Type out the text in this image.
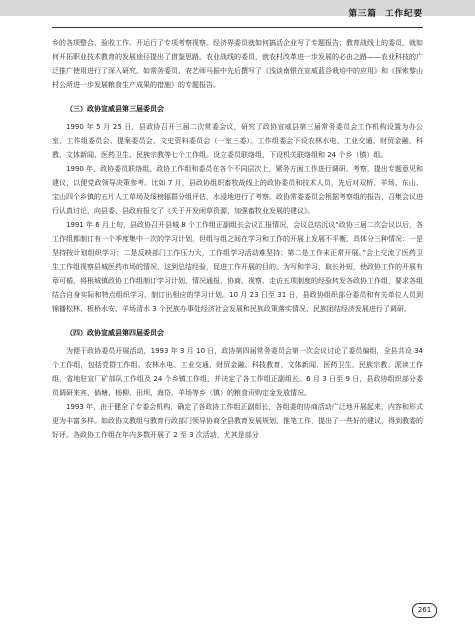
第三篇 工作纪要

乡的各项整合、验收工作。开运行了专项考察视察。经济界委员就如何搞活企业写了专题报告；教育战线上的委员，就如何开拓职业技术教育的发展途径提出了借鉴思路。农业战线的委员，就农村改革进一步发展的必由之路——农业科技的广泛推广使用进行了深入研究。如常务委员、农艺师马振中先后撰写了《浅谈南银在宣威蓝谷栽培中的应用》和《探索黎山村公所进一步发展粮食生产成果的措施》的专题报告。

（三）政协宣威县第三届委员会

1990 年 5 月 25 日，县政协召开三届二次常委会议，研究了政协宣威县第三届常务委员会工作机构设置为办公室、工作组委员会、提案委员会、文史资料委员会（一室三委）。工作组委会下设农林水电、工业交通、财贸金融、科教、文体新闻、医药卫生、民族宗教等七个工作组。设立委员联络组，下设机关联络组和 24 个乡（镇）组。

1990 年，政协委员联络组、政协工作组和委员在各个不同层次上，紧务方面工作进行调研、考察，提出专题意见和建议，以便党政领导决策参考。比如 7 月，县政协组织畜牧战线上的政协委员和技术人员，先后对双桥、羊场、东山、宝山四个乡镇的五片人工草场及绥榜辐群分组评估，水浸地进行了考察。政协常委委员会根据考察组的报告，召集会议进行认真讨论，向县委、县政府报交了《关于开发闲草资源，加强畜牧业发展的建议》。

1991 年 6 月上旬，县政协召开县城 8 个工作组正副组长会议汇报情况，会议总结沉议“政协三届二次会议以后，各工作组都制订有一个季度集中一次的学习计划，但组与组之间在学习和工作的开展上发展不平衡，具体分三种情况：一是坚持按计划组织学习；二是反映部门工作压力大，工作组学习活动难坚持；第二是工作未正常开展。”会上交流了医药卫生工作组视察县城医药市场的情况，这到总结经验，促进工作开展的目的。为写和学习，取长补短，使政协工作的开展有章可循，将根城镇政协工作组制订学习计划，情况通报、协商、视察、走访五项制度的经验转发各政协工作组，要求各组结合自身实际和特点组织学习，制订出相应的学习计划。10 月 23 日至 31 日，县政协组织部分委员和有关单位人员到锦播松林、板桥水安、羊场清水 3 个民族办事处经济社会发展和民族政策落实情况、民族团结经济发展进行了调研。

（四）政协宣威县第四届委员会

为便于政协委员开展活动，1993 年 3 月 10 日，政协第四届常务委员会第一次会议讨论了委员编组，全县共设 34 个工作组，包括党群工作组、农林水电、工业交通、财贸金融、科技教育、文体新闻、医药卫生、民族宗教、派读工作组，省地驻宣厂矿部队工作组及 24 个乡镇工作组，并决定了各工作组正副组长。6 月 3 日至 9 日，县政协组织部分委员调研来宾、倘塘、杨柳、田坝、海岱、羊场等乡（镇）的粮食贡购定金发放情况。

1993 年，由于健全了专委会机构，确定了各政协工作组正副组长，各组委的协商活动广泛地开展起来，内容和形式更为丰富多样。如政协文教组与教育行政部门领导协商全县教育发展规划、推笔工作，提出了一些好的建议，得到教委的好评。各政协工作组在年内多数开展了 2 至 3 次活动，尤其是部分

261
